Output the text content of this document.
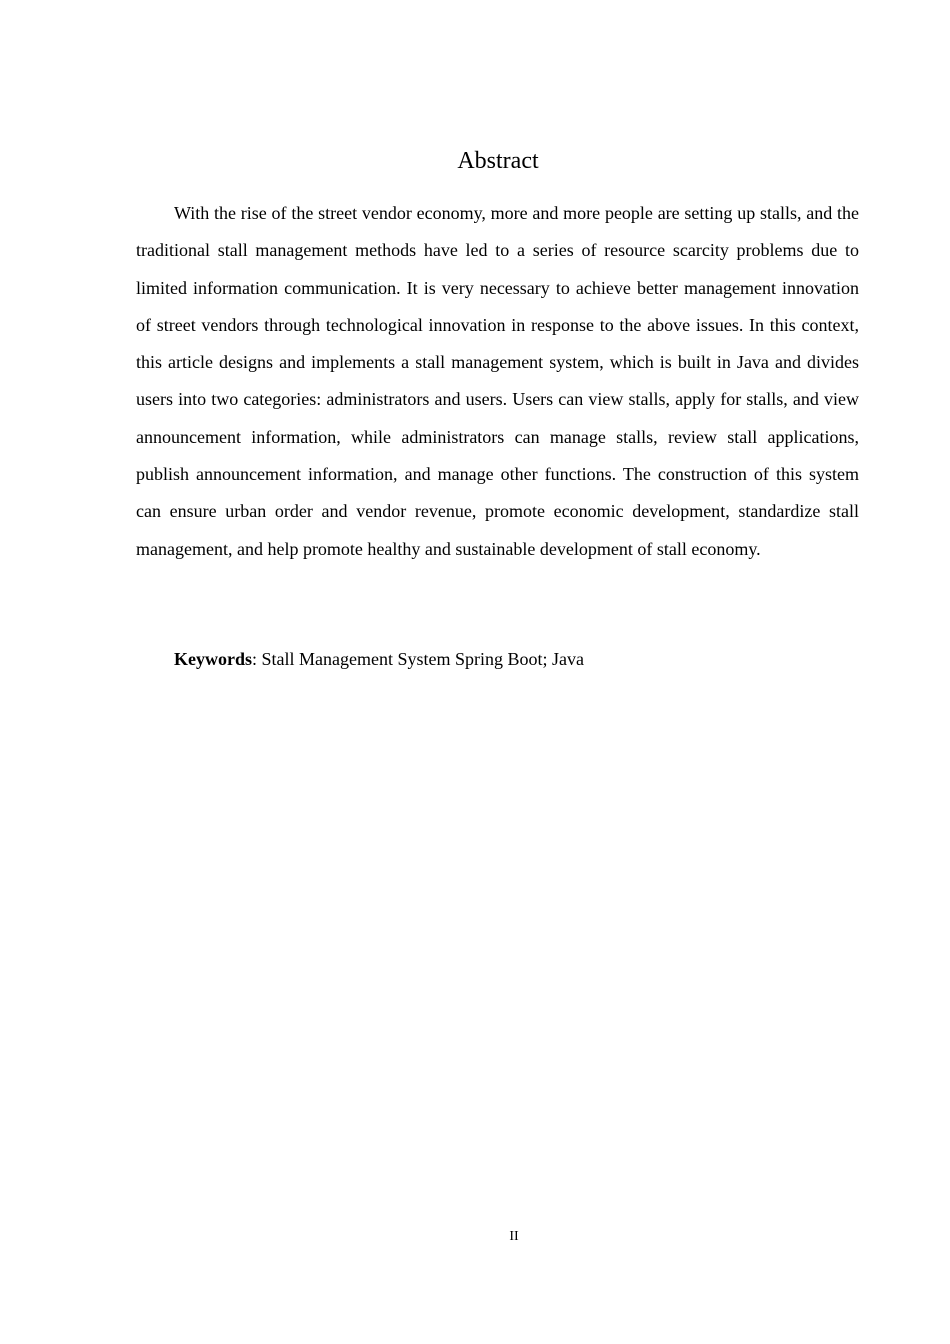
Abstract

With the rise of the street vendor economy, more and more people are setting up stalls, and the traditional stall management methods have led to a series of resource scarcity problems due to limited information communication. It is very necessary to achieve better management innovation of street vendors through technological innovation in response to the above issues. In this context, this article designs and implements a stall management system, which is built in Java and divides users into two categories: administrators and users. Users can view stalls, apply for stalls, and view announcement information, while administrators can manage stalls, review stall applications, publish announcement information, and manage other functions. The construction of this system can ensure urban order and vendor revenue, promote economic development, standardize stall management, and help promote healthy and sustainable development of stall economy.

Keywords: Stall Management System Spring Boot; Java

II
